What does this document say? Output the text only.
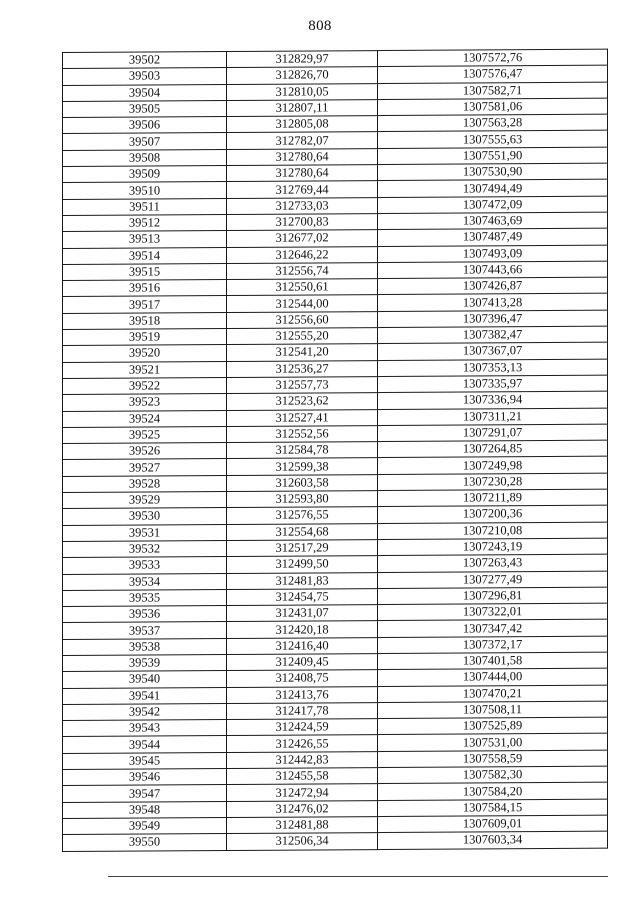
808
39502	312829,97	1307572,76
39503	312826,70	1307576,47
39504	312810,05	1307582,71
39505	312807,11	1307581,06
39506	312805,08	1307563,28
39507	312782,07	1307555,63
39508	312780,64	1307551,90
39509	312780,64	1307530,90
39510	312769,44	1307494,49
39511	312733,03	1307472,09
39512	312700,83	1307463,69
39513	312677,02	1307487,49
39514	312646,22	1307493,09
39515	312556,74	1307443,66
39516	312550,61	1307426,87
39517	312544,00	1307413,28
39518	312556,60	1307396,47
39519	312555,20	1307382,47
39520	312541,20	1307367,07
39521	312536,27	1307353,13
39522	312557,73	1307335,97
39523	312523,62	1307336,94
39524	312527,41	1307311,21
39525	312552,56	1307291,07
39526	312584,78	1307264,85
39527	312599,38	1307249,98
39528	312603,58	1307230,28
39529	312593,80	1307211,89
39530	312576,55	1307200,36
39531	312554,68	1307210,08
39532	312517,29	1307243,19
39533	312499,50	1307263,43
39534	312481,83	1307277,49
39535	312454,75	1307296,81
39536	312431,07	1307322,01
39537	312420,18	1307347,42
39538	312416,40	1307372,17
39539	312409,45	1307401,58
39540	312408,75	1307444,00
39541	312413,76	1307470,21
39542	312417,78	1307508,11
39543	312424,59	1307525,89
39544	312426,55	1307531,00
39545	312442,83	1307558,59
39546	312455,58	1307582,30
39547	312472,94	1307584,20
39548	312476,02	1307584,15
39549	312481,88	1307609,01
39550	312506,34	1307603,34
